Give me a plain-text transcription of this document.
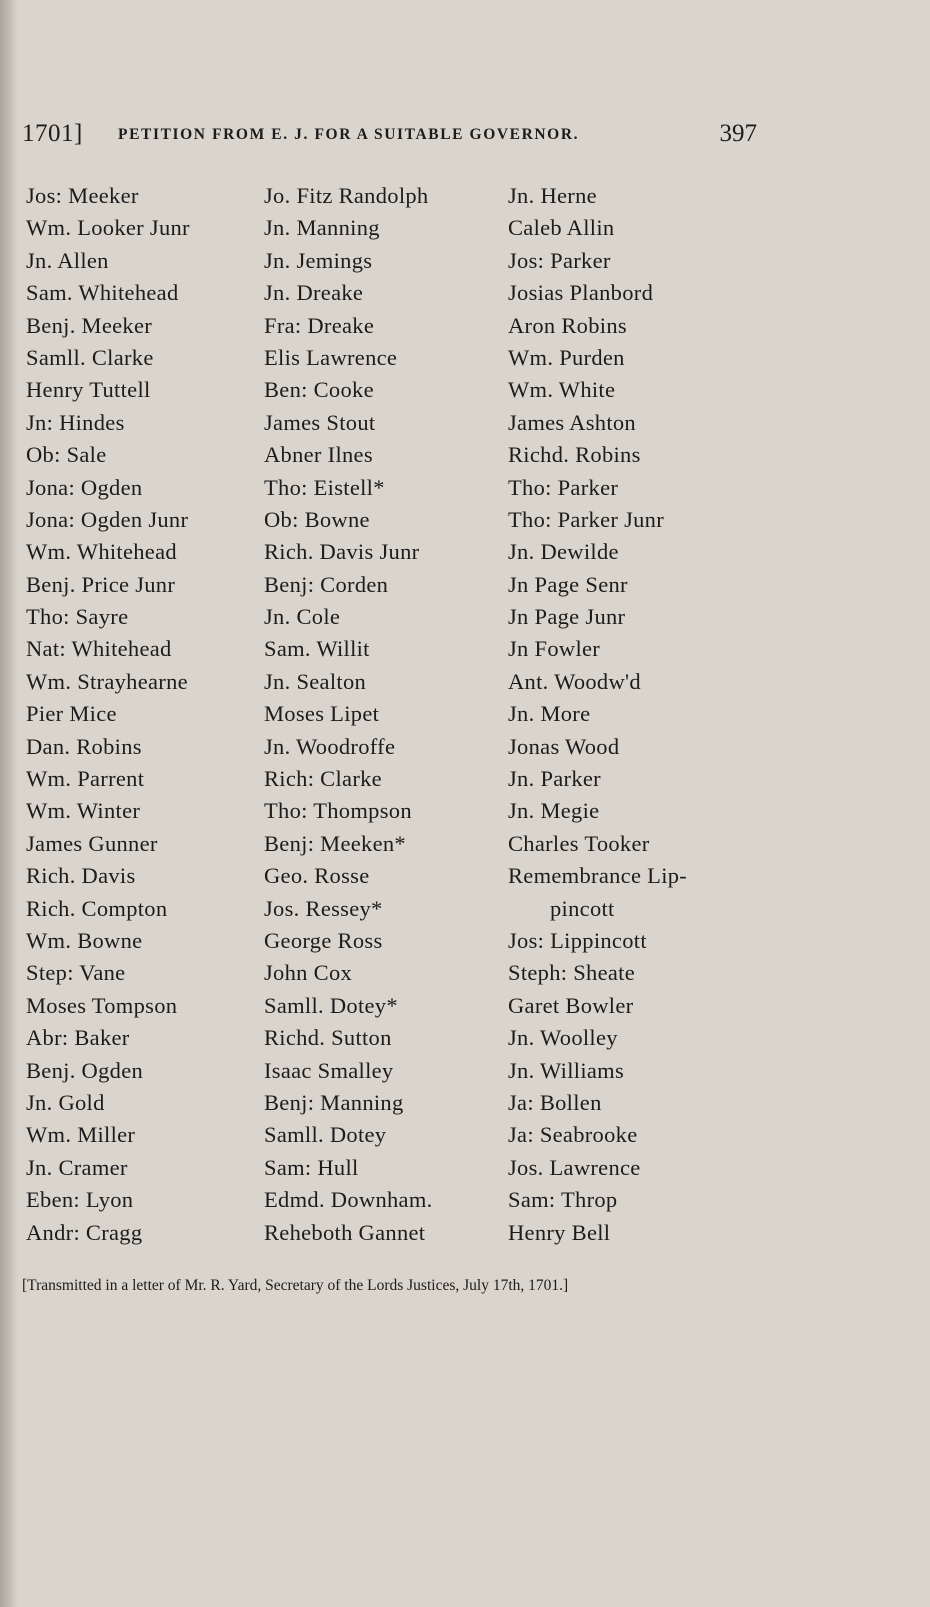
1701] PETITION FROM E. J. FOR A SUITABLE GOVERNOR.	397
Jos: Meeker
Wm. Looker Junr
Jn. Allen
Sam. Whitehead
Benj. Meeker
Samll. Clarke
Henry Tuttell
Jn: Hindes
Ob: Sale
Jona: Ogden
Jona: Ogden Junr
Wm. Whitehead
Benj. Price Junr
Tho: Sayre
Nat: Whitehead
Wm. Strayhearne
Pier Mice
Dan. Robins
Wm. Parrent
Wm. Winter
James Gunner
Rich. Davis
Rich. Compton
Wm. Bowne
Step: Vane
Moses Tompson
Abr: Baker
Benj. Ogden
Jn. Gold
Wm. Miller
Jn. Cramer
Eben: Lyon
Andr: Cragg
Jo. Fitz Randolph
Jn. Manning
Jn. Jemings
Jn. Dreake
Fra: Dreake
Elis Lawrence
Ben: Cooke
James Stout
Abner Ilnes
Tho: Eistell*
Ob: Bowne
Rich. Davis Junr
Benj: Corden
Jn. Cole
Sam. Willit
Jn. Sealton
Moses Lipet
Jn. Woodroffe
Rich: Clarke
Tho: Thompson
Benj: Meeken*
Geo. Rosse
Jos. Ressey*
George Ross
John Cox
Samll. Dotey*
Richd. Sutton
Isaac Smalley
Benj: Manning
Samll. Dotey
Sam: Hull
Edmd. Downham.
Reheboth Gannet
Jn. Herne
Caleb Allin
Jos: Parker
Josias Planbord
Aron Robins
Wm. Purden
Wm. White
James Ashton
Richd. Robins
Tho: Parker
Tho: Parker Junr
Jn. Dewilde
Jn Page Senr
Jn Page Junr
Jn Fowler
Ant. Woodw'd
Jn. More
Jonas Wood
Jn. Parker
Jn. Megie
Charles Tooker
Remembrance Lip-
pincott
Jos: Lippincott
Steph: Sheate
Garet Bowler
Jn. Woolley
Jn. Williams
Ja: Bollen
Ja: Seabrooke
Jos. Lawrence
Sam: Throp
Henry Bell

[Transmitted in a letter of Mr. R. Yard, Secretary of the Lords Justices, July 17th, 1701.]
